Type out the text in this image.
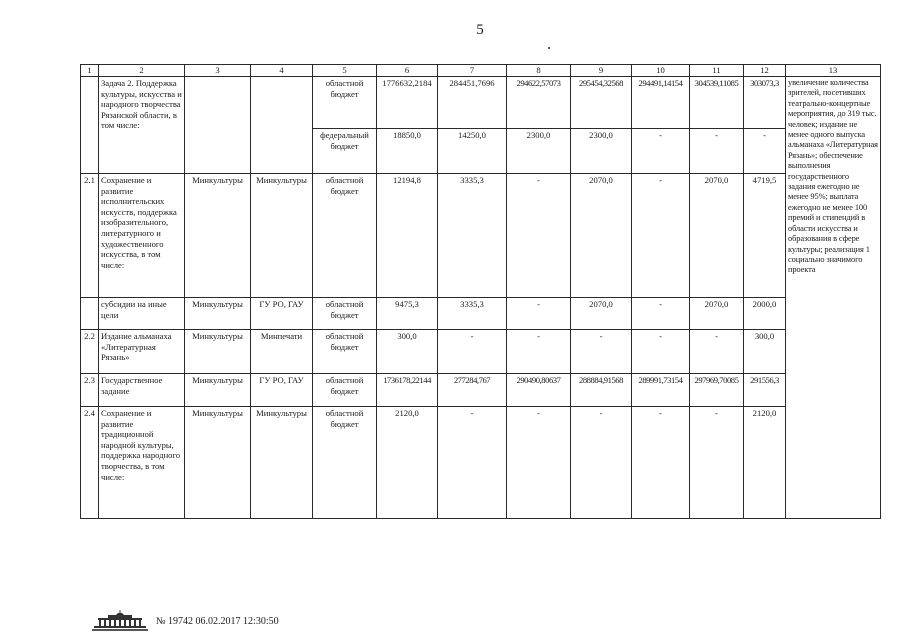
5
1	2	3	4	5	6	7	8	9	10	11	12	13
	Задача 2. Поддержка культуры, искусства и народного творчества Рязанской области, в том числе:			областной бюджет	1776632,2184	284451,7696	294622,57073	295454,32568	294491,14154	304539,11085	303073,3	увеличение количества зрителей, посетивших театрально-концертные мероприятия, до 319 тыс. человек; издание не менее одного выпуска альманаха «Литературная Рязань»; обеспечение выполнения государственного задания ежегодно не менее 95%; выплата ежегодно не менее 100 премий и стипендий в области искусства и образования в сфере культуры; реализация 1 социально значимого проекта
				федеральный бюджет	18850,0	14250,0	2300,0	2300,0	-	-	-	
2.1	Сохранение и развитие исполнительских искусств, поддержка изобразительного, литературного и художественного искусства, в том числе:	Минкультуры	Минкультуры	областной бюджет	12194,8	3335,3	-	2070,0	-	2070,0	4719,5	
	субсидии на иные цели	Минкультуры	ГУ РО, ГАУ	областной бюджет	9475,3	3335,3	-	2070,0	-	2070,0	2000,0	
2.2	Издание альманаха «Литературная Рязань»	Минкультуры	Минпечати	областной бюджет	300,0	-	-	-	-	-	300,0	
2.3	Государственное задание	Минкультуры	ГУ РО, ГАУ	областной бюджет	1736178,22144	277284,767	290490,80637	288884,91568	289991,73154	297969,70085	291556,3	
2.4	Сохранение и развитие традиционной народной культуры, поддержка народного творчества, в том числе:	Минкультуры	Минкультуры	областной бюджет	2120,0	-	-	-	-	-	2120,0	
№ 19742 06.02.2017 12:30:50
